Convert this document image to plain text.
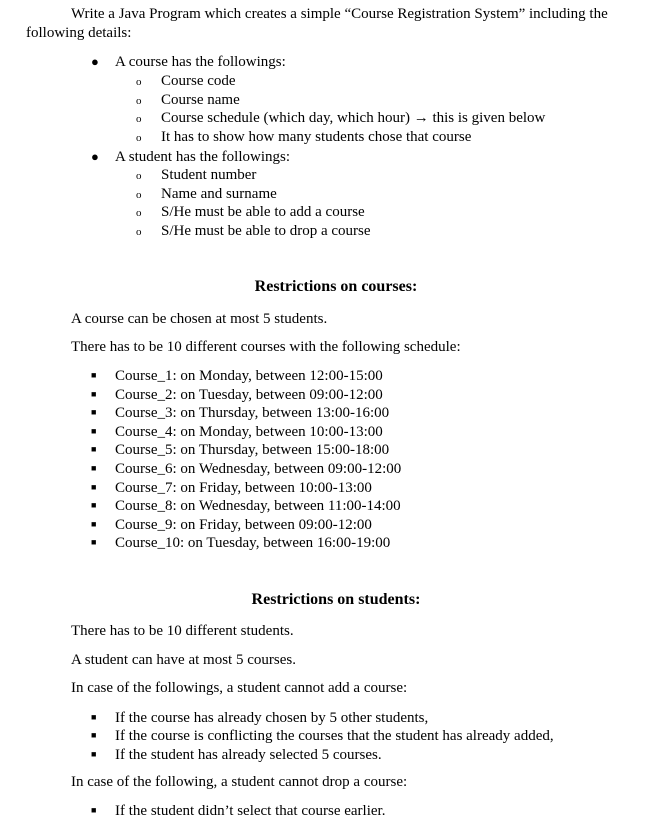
Write a Java Program which creates a simple “Course Registration System” including the following details:

● A course has the followings:
o Course code
o Course name
o Course schedule (which day, which hour) → this is given below
o It has to show how many students chose that course
● A student has the followings:
o Student number
o Name and surname
o S/He must be able to add a course
o S/He must be able to drop a course
Restrictions on courses:
A course can be chosen at most 5 students.
There has to be 10 different courses with the following schedule:
■ Course_1: on Monday, between 12:00-15:00
■ Course_2: on Tuesday, between 09:00-12:00
■ Course_3: on Thursday, between 13:00-16:00
■ Course_4: on Monday, between 10:00-13:00
■ Course_5: on Thursday, between 15:00-18:00
■ Course_6: on Wednesday, between 09:00-12:00
■ Course_7: on Friday, between 10:00-13:00
■ Course_8: on Wednesday, between 11:00-14:00
■ Course_9: on Friday, between 09:00-12:00
■ Course_10: on Tuesday, between 16:00-19:00
Restrictions on students:
There has to be 10 different students.
A student can have at most 5 courses.
In case of the followings, a student cannot add a course:
■ If the course has already chosen by 5 other students,
■ If the course is conflicting the courses that the student has already added,
■ If the student has already selected 5 courses.
In case of the following, a student cannot drop a course:
■ If the student didn’t select that course earlier.
